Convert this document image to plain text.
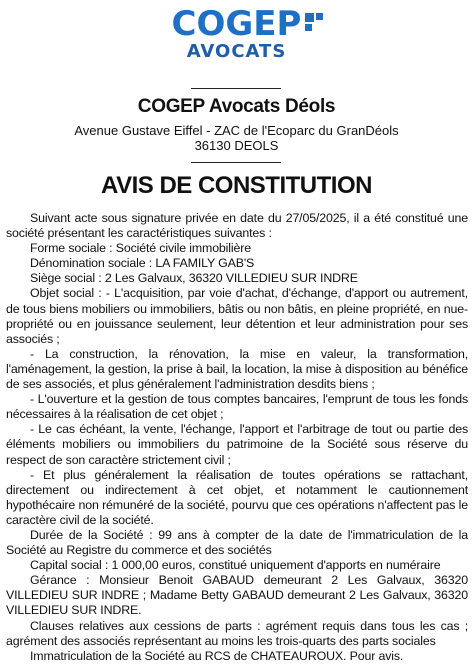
COGEP
AVOCATS
COGEP Avocats Déols
Avenue Gustave Eiffel - ZAC de l'Ecoparc du GranDéols
36130 DEOLS
AVIS DE CONSTITUTION

Suivant acte sous signature privée en date du 27/05/2025, il a été constitué une société présentant les caractéristiques suivantes :

Forme sociale : Société civile immobilière

Dénomination sociale : LA FAMILY GAB'S

Siège social : 2 Les Galvaux, 36320 VILLEDIEU SUR INDRE

Objet social : - L'acquisition, par voie d'achat, d'échange, d'apport ou autrement, de tous biens mobiliers ou immobiliers, bâtis ou non bâtis, en pleine propriété, en nue-propriété ou en jouissance seulement, leur détention et leur administration pour ses associés ;

- La construction, la rénovation, la mise en valeur, la transformation, l'aménagement, la gestion, la prise à bail, la location, la mise à disposition au bénéfice de ses associés, et plus généralement l'administration desdits biens ;

- L'ouverture et la gestion de tous comptes bancaires, l'emprunt de tous les fonds nécessaires à la réalisation de cet objet ;

- Le cas échéant, la vente, l'échange, l'apport et l'arbitrage de tout ou partie des éléments mobiliers ou immobiliers du patrimoine de la Société sous réserve du respect de son caractère strictement civil ;

- Et plus généralement la réalisation de toutes opérations se rattachant, directement ou indirectement à cet objet, et notamment le cautionnement hypothécaire non rémunéré de la société, pourvu que ces opérations n'affectent pas le caractère civil de la société.

Durée de la Société : 99 ans à compter de la date de l'immatriculation de la Société au Registre du commerce et des sociétés

Capital social : 1 000,00 euros, constitué uniquement d'apports en numéraire

Gérance : Monsieur Benoit GABAUD demeurant 2 Les Galvaux, 36320 VILLEDIEU SUR INDRE ; Madame Betty GABAUD demeurant 2 Les Galvaux, 36320 VILLEDIEU SUR INDRE.

Clauses relatives aux cessions de parts : agrément requis dans tous les cas ; agrément des associés représentant au moins les trois-quarts des parts sociales

Immatriculation de la Société au RCS de CHATEAUROUX. Pour avis.
